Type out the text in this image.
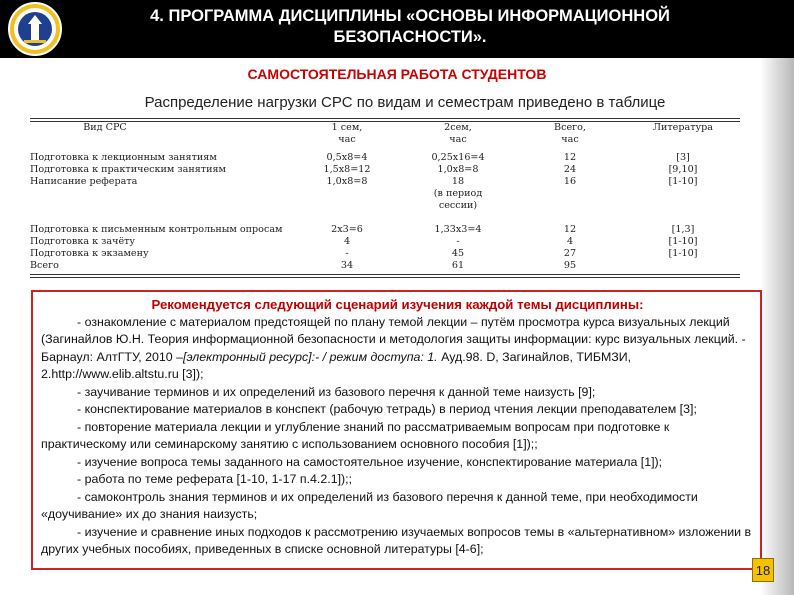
4. ПРОГРАММА ДИСЦИПЛИНЫ «ОСНОВЫ ИНФОРМАЦИОННОЙ
БЕЗОПАСНОСТИ».
САМОСТОЯТЕЛЬНАЯ РАБОТА СТУДЕНТОВ
Распределение нагрузки СРС по видам и семестрам приведено в таблице
Вид СРС
Подготовка к лекционным занятиям
Подготовка к практическим занятиям
Написание реферата
Подготовка к письменным контрольным опросам
Подготовка к зачёту
Подготовка к экзамену
Всего
1 сем, час
0,5х8=4
1,5х8=12
1,0х8=8
2х3=6
4
-
34
2сем, час
0,25х16=4
1,0х8=8
18
(в период
сессии)
1,33х3=4
-
45
61
Всего, час
12
24
16
12
4
27
95
Литература
[3]
[9,10]
[1-10]
[1,3]
[1-10]
[1-10]

Рекомендуется следующий сценарий изучения каждой темы дисциплины:

- ознакомление с материалом предстоящей по плану темой лекции – путём просмотра курса визуальных лекций (Загинайлов Ю.Н. Теория информационной безопасности и методология защиты информации: курс визуальных лекций. - Барнаул: АлтГТУ, 2010 –[электронный ресурс]:- / режим доступа: 1. Ауд.98. D, Загинайлов, ТИБМЗИ, 2.http://www.elib.altstu.ru [3]);

- заучивание терминов и их определений из базового перечня к данной теме наизусть [9];

- конспектирование материалов в конспект (рабочую тетрадь) в период чтения лекции преподавателем [3];

- повторение материала лекции и углубление знаний по рассматриваемым вопросам при подготовке к практическому или семинарскому занятию с использованием основного пособия [1]);;

- изучение вопроса темы заданного на самостоятельное изучение, конспектирование материала [1]);

- работа по теме реферата [1-10, 1-17 п.4.2.1]);;

- самоконтроль знания терминов и их определений из базового перечня к данной теме, при необходимости «доучивание» их до знания наизусть;

- изучение и сравнение иных подходов к рассмотрению изучаемых вопросов темы в «альтернативном» изложении в других учебных пособиях, приведенных в списке основной литературы [4-6];

18
